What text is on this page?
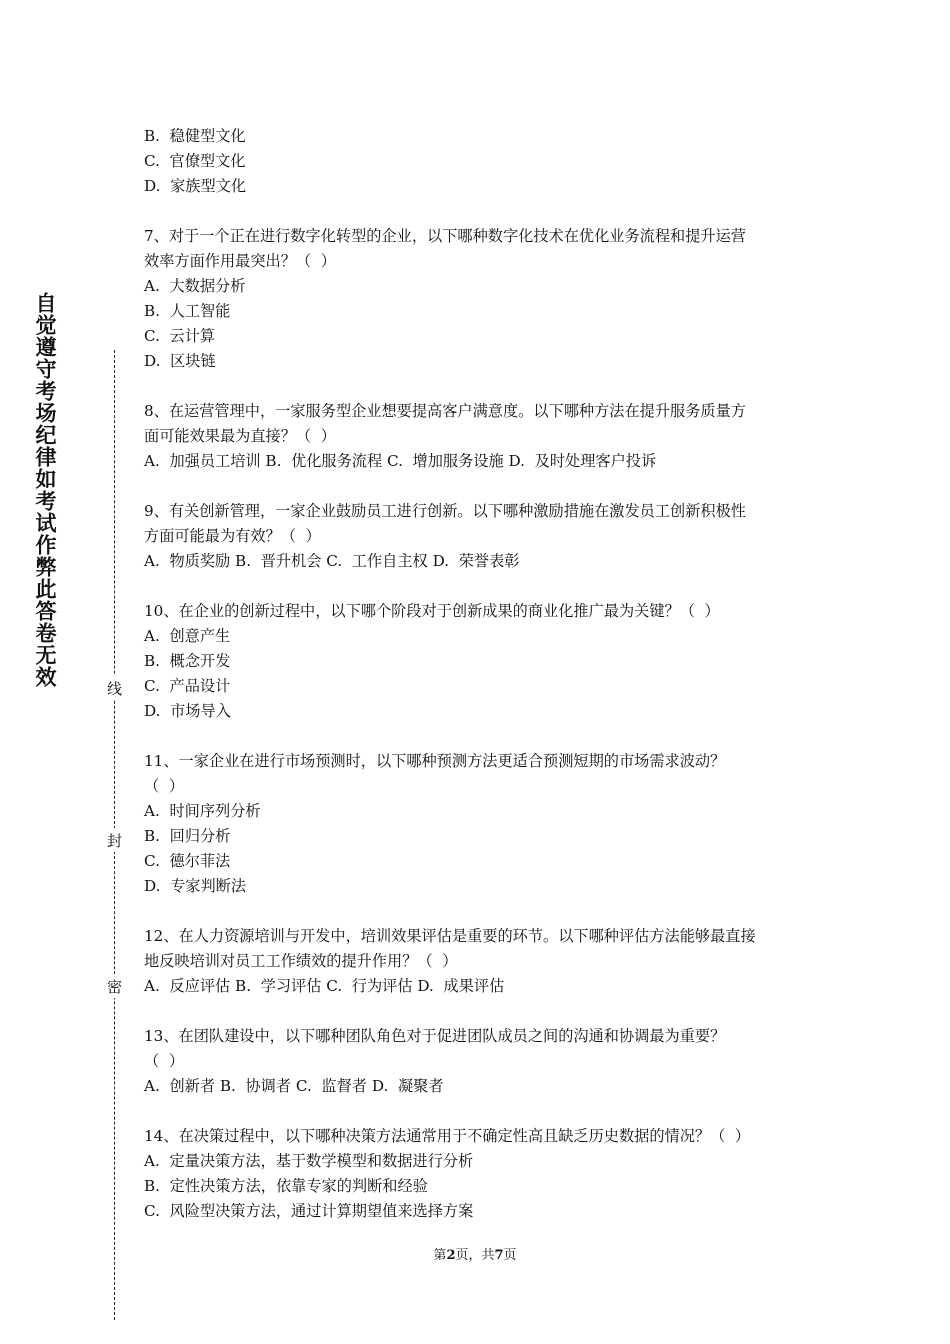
自觉遵守考场纪律如考试作弊此答卷无效	线
封
密

B.  稳健型文化

C.  官僚型文化

D.  家族型文化

7、对于一个正在进行数字化转型的企业，以下哪种数字化技术在优化业务流程和提升运营

效率方面作用最突出？（  ）

A.  大数据分析

B.  人工智能

C.  云计算

D.  区块链

8、在运营管理中，一家服务型企业想要提高客户满意度。以下哪种方法在提升服务质量方

面可能效果最为直接？（  ）

A.  加强员工培训 B.  优化服务流程 C.  增加服务设施 D.  及时处理客户投诉

9、有关创新管理，一家企业鼓励员工进行创新。以下哪种激励措施在激发员工创新积极性

方面可能最为有效？（  ）

A.  物质奖励 B.  晋升机会 C.  工作自主权 D.  荣誉表彰

10、在企业的创新过程中，以下哪个阶段对于创新成果的商业化推广最为关键？（  ）

A.  创意产生

B.  概念开发

C.  产品设计

D.  市场导入

11、一家企业在进行市场预测时，以下哪种预测方法更适合预测短期的市场需求波动？

（  ）

A.  时间序列分析

B.  回归分析

C.  德尔菲法

D.  专家判断法

12、在人力资源培训与开发中，培训效果评估是重要的环节。以下哪种评估方法能够最直接

地反映培训对员工工作绩效的提升作用？（  ）

A.  反应评估 B.  学习评估 C.  行为评估 D.  成果评估

13、在团队建设中，以下哪种团队角色对于促进团队成员之间的沟通和协调最为重要？

（  ）

A.  创新者 B.  协调者 C.  监督者 D.  凝聚者

14、在决策过程中，以下哪种决策方法通常用于不确定性高且缺乏历史数据的情况？（  ）

A.  定量决策方法，基于数学模型和数据进行分析

B.  定性决策方法，依靠专家的判断和经验

C.  风险型决策方法，通过计算期望值来选择方案

第2页，共7页
